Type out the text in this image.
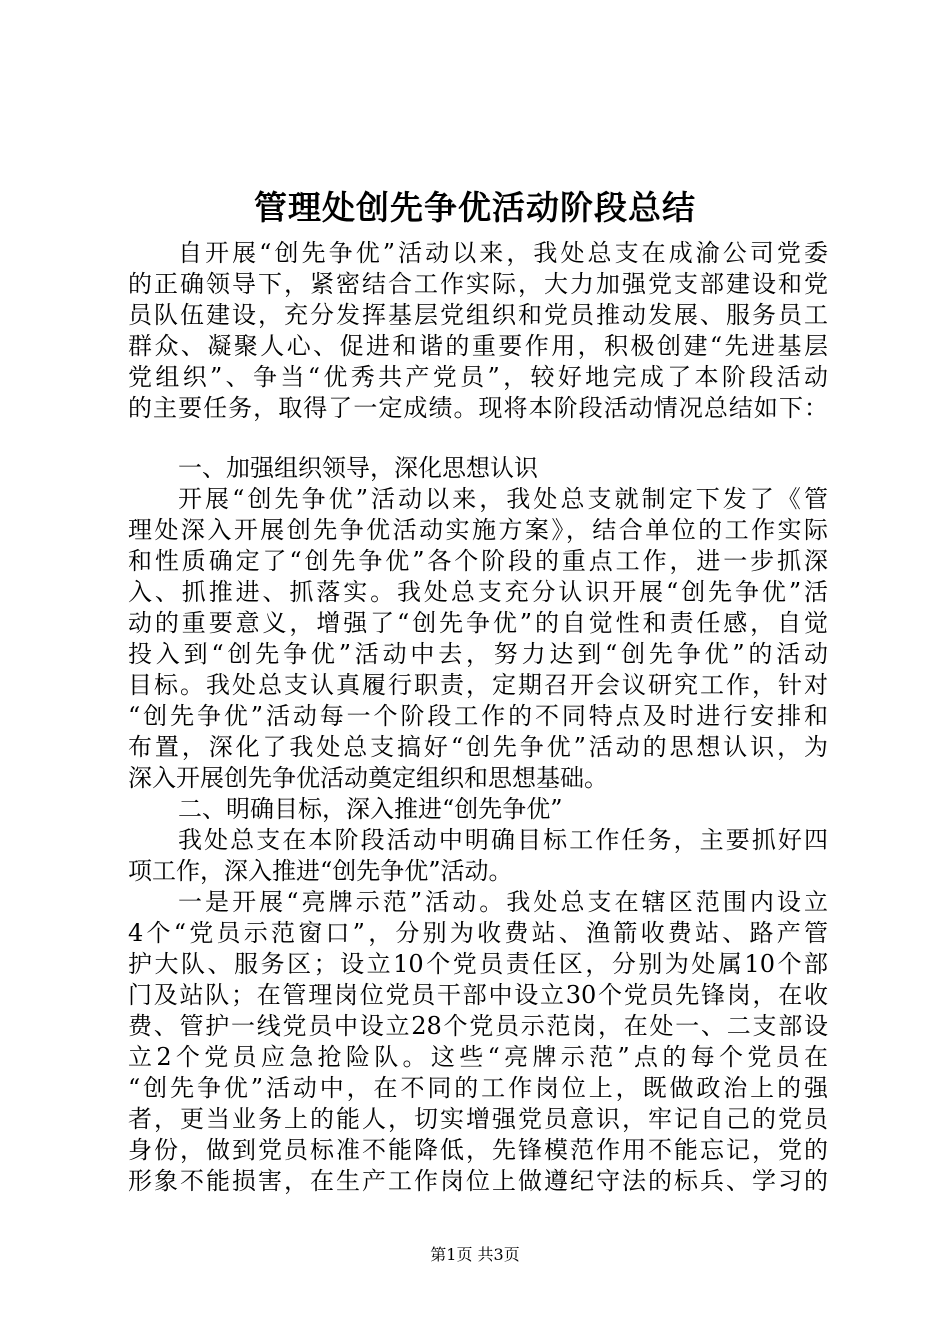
管理处创先争优活动阶段总结
自开展“创先争优”活动以来，我处总支在成渝公司党委
的正确领导下，紧密结合工作实际，大力加强党支部建设和党
员队伍建设，充分发挥基层党组织和党员推动发展、服务员工
群众、凝聚人心、促进和谐的重要作用，积极创建“先进基层
党组织”、争当“优秀共产党员”，较好地完成了本阶段活动
的主要任务，取得了一定成绩。现将本阶段活动情况总结如下：
一、加强组织领导，深化思想认识
开展“创先争优”活动以来，我处总支就制定下发了《管
理处深入开展创先争优活动实施方案》，结合单位的工作实际
和性质确定了“创先争优”各个阶段的重点工作，进一步抓深
入、抓推进、抓落实。我处总支充分认识开展“创先争优”活
动的重要意义，增强了“创先争优”的自觉性和责任感，自觉
投入到“创先争优”活动中去，努力达到“创先争优”的活动
目标。我处总支认真履行职责，定期召开会议研究工作，针对
“创先争优”活动每一个阶段工作的不同特点及时进行安排和
布置，深化了我处总支搞好“创先争优”活动的思想认识，为
深入开展创先争优活动奠定组织和思想基础。
二、明确目标，深入推进“创先争优”
我处总支在本阶段活动中明确目标工作任务，主要抓好四
项工作，深入推进“创先争优”活动。
一是开展“亮牌示范”活动。我处总支在辖区范围内设立
4个“党员示范窗口”，分别为收费站、渔箭收费站、路产管
护大队、服务区；设立10个党员责任区，分别为处属10个部
门及站队；在管理岗位党员干部中设立30个党员先锋岗，在收
费、管护一线党员中设立28个党员示范岗，在处一、二支部设
立2个党员应急抢险队。这些“亮牌示范”点的每个党员在
“创先争优”活动中，在不同的工作岗位上，既做政治上的强
者，更当业务上的能人，切实增强党员意识，牢记自己的党员
身份，做到党员标准不能降低，先锋模范作用不能忘记，党的
形象不能损害，在生产工作岗位上做遵纪守法的标兵、学习的
第1页 共3页
